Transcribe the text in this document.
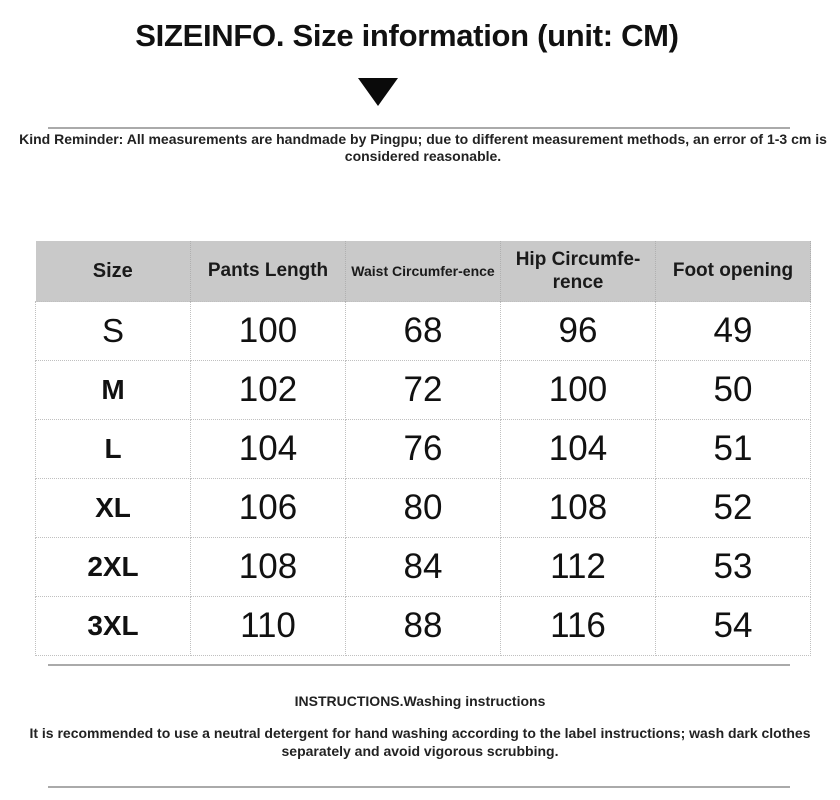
SIZEINFO. Size information (unit: CM)
Kind Reminder: All measurements are handmade by Pingpu; due to different measurement methods, an error of 1-3 cm is considered reasonable.
Size	Pants Length	Waist Circumfer-ence	Hip Circumfe-rence	Foot opening
S	100	68	96	49
M	102	72	100	50
L	104	76	104	51
XL	106	80	108	52
2XL	108	84	112	53
3XL	110	88	116	54
INSTRUCTIONS.Washing instructions
It is recommended to use a neutral detergent for hand washing according to the label instructions; wash dark clothes separately and avoid vigorous scrubbing.
